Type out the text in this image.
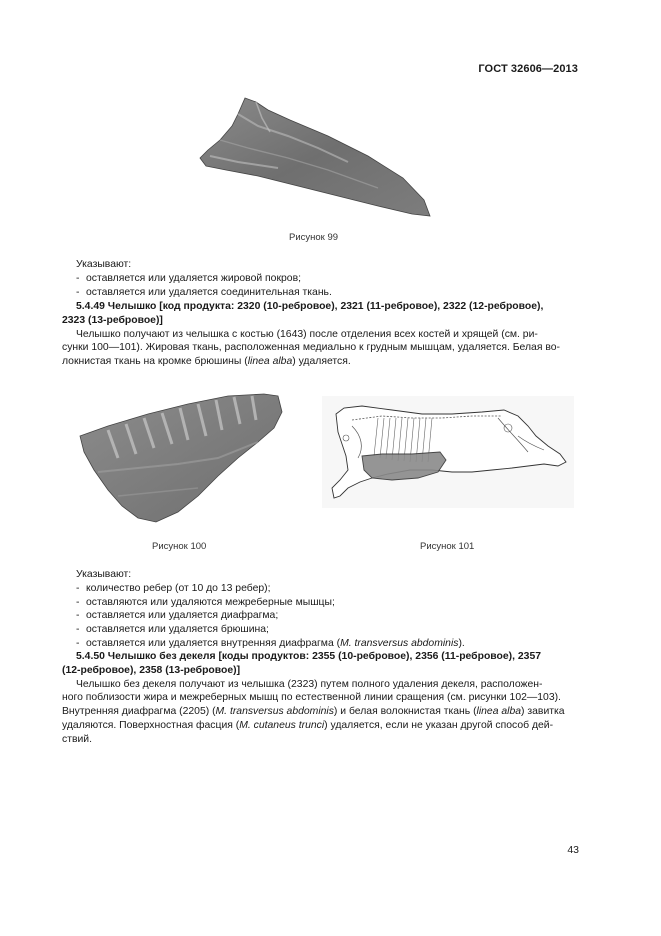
ГОСТ 32606—2013
Рисунок 99

Указывают:

- оставляется или удаляется жировой покров;

- оставляется или удаляется соединительная ткань.

5.4.49 Челышко [код продукта: 2320 (10-ребровое), 2321 (11-ребровое), 2322 (12-ребровое),

2323 (13-ребровое)]

Челышко получают из челышка с костью (1643) после отделения всех костей и хрящей (см. ри-

сунки 100—101). Жировая ткань, расположенная медиально к грудным мышцам, удаляется. Белая во-

локнистая ткань на кромке брюшины (linea alba) удаляется.

Рисунок 100	Рисунок 101

Указывают:

- количество ребер (от 10 до 13 ребер);

- оставляются или удаляются межреберные мышцы;

- оставляется или удаляется диафрагма;

- оставляется или удаляется брюшина;

- оставляется или удаляется внутренняя диафрагма (M. transversus abdominis).

5.4.50 Челышко без декеля [коды продуктов: 2355 (10-ребровое), 2356 (11-ребровое), 2357

(12-ребровое), 2358 (13-ребровое)]

Челышко без декеля получают из челышка (2323) путем полного удаления декеля, расположен-

ного поблизости жира и межреберных мышц по естественной линии сращения (см. рисунки 102—103).

Внутренняя диафрагма (2205) (M. transversus abdominis) и белая волокнистая ткань (linea alba) завитка

удаляются. Поверхностная фасция (M. cutaneus trunci) удаляется, если не указан другой способ дей-

ствий.

43
